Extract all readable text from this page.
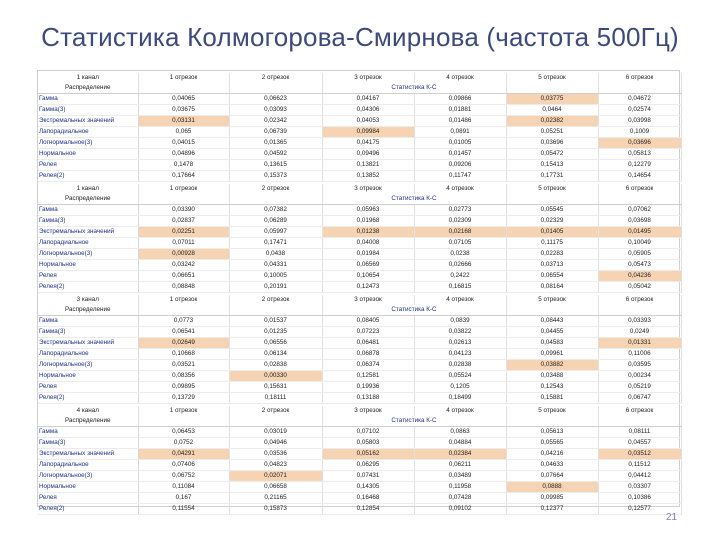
Статистика Колмогорова-Смирнова (частота 500Гц)
1 канал	1 отрезок	2 отрезок	3 отрезок	4 отрезок	5 отрезок	6 отрезок
Распределение			Статистика К-С			
Гамма	0,04065	0,06623	0,04167	0,09866	0,03775	0,04672
Гамма(3)	0,03675	0,03093	0,04306	0,01881	0,0464	0,02574
Экстремальных значений	0,03131	0,02342	0,04053	0,01486	0,02382	0,03998
Лапорадиальное	0,065	0,06739	0,09984	0,0891	0,05251	0,1009
Логнормальное(3)	0,04015	0,01365	0,04175	0,01005	0,03696	0,03696
Нормальное	0,04896	0,04592	0,09496	0,01457	0,05472	0,05813
Релея	0,1478	0,13615	0,13821	0,09206	0,15413	0,12279
Релея(2)	0,17664	0,15373	0,13852	0,11747	0,17731	0,14654
1 канал	1 отрезок	2 отрезок	3 отрезок	4 отрезок	5 отрезок	6 отрезок
Распределение			Статистика К-С			
Гамма	0,03390	0,07382	0,05963	0,02773	0,05545	0,07062
Гамма(3)	0,02837	0,06289	0,01968	0,02309	0,02329	0,03698
Экстремальных значений	0,02251	0,05997	0,01238	0,02168	0,01405	0,01495
Лапорадиальное	0,07011	0,17471	0,04008	0,07105	0,11175	0,10049
Логнормальное(3)	0,00928	0,0438	0,01984	0,0238	0,02283	0,05905
Нормальное	0,03242	0,04331	0,06569	0,02666	0,03713	0,05473
Релея	0,06651	0,10005	0,10654	0,2422	0,06554	0,04236
Релея(2)	0,08848	0,20191	0,12473	0,16815	0,08164	0,05042
3 канал	1 отрезок	2 отрезок	3 отрезок	4 отрезок	5 отрезок	6 отрезок
Распределение			Статистика К-С			
Гамма	0,0773	0,01537	0,08405	0,0839	0,08443	0,03393
Гамма(3)	0,06541	0,01235	0,07223	0,03822	0,04455	0,0249
Экстремальных значений	0,02649	0,06556	0,06481	0,02613	0,04583	0,01331
Лапорадиальное	0,10668	0,06134	0,06878	0,04123	0,09961	0,11006
Логнормальное(3)	0,03521	0,02838	0,06374	0,02838	0,03882	0,03595
Нормальное	0,08356	0,00330	0,12581	0,05524	0,03488	0,00234
Релея	0,09895	0,15631	0,19936	0,1205	0,12543	0,05219
Релея(2)	0,13729	0,18111	0,13188	0,18499	0,15881	0,06747
4 канал	1 отрезок	2 отрезок	3 отрезок	4 отрезок	5 отрезок	6 отрезок
Распределение			Статистика К-С			
Гамма	0,06453	0,03019	0,07102	0,0863	0,05613	0,08111
Гамма(3)	0,0752	0,04946	0,05803	0,04884	0,05565	0,04557
Экстремальных значений	0,04291	0,03536	0,05162	0,02384	0,04216	0,03512
Лапорадиальное	0,07406	0,04823	0,06295	0,06211	0,04633	0,11512
Логнормальное(3)	0,06752	0,02071	0,07431	0,03489	0,07664	0,04412
Нормальное	0,11084	0,06658	0,14305	0,11958	0,0888	0,03307
Релея	0,167	0,21165	0,16468	0,07428	0,09985	0,10386
Релея(2)	0,11554	0,15873	0,12854	0,09102	0,12377	0,12577
21
